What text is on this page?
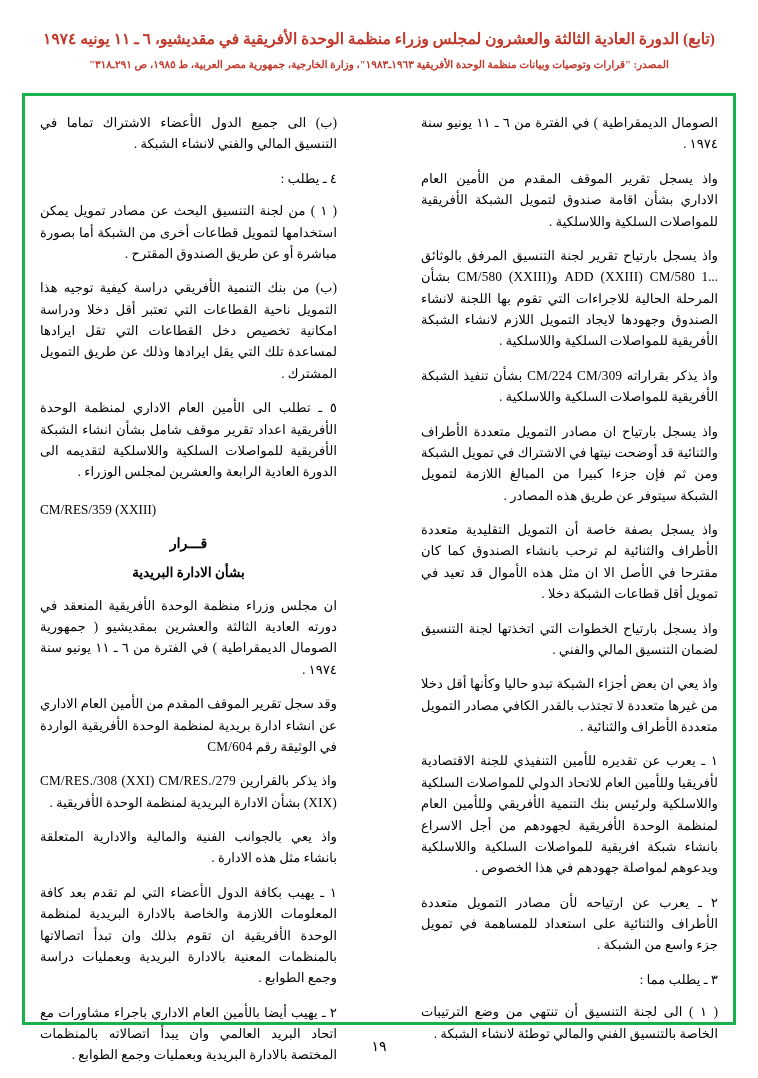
(تابع) الدورة العادية الثالثة والعشرون لمجلس وزراء منظمة الوحدة الأفريقية في مقديشيو، ٦ ـ ١١ يونيه ١٩٧٤
المصدر: "قرارات وتوصيات وبيانات منظمة الوحدة الأفريقية ١٩٦٣ـ١٩٨٣"، وزارة الخارجية، جمهورية مصر العربية، ط ١٩٨٥، ص ٢٩١ـ٣١٨"

الصومال الديمقراطية ) في الفترة من ٦ ـ ١١ يونيو سنة ١٩٧٤ .

واذ يسجل تقرير الموقف المقدم من الأمين العام الاداري بشأن اقامة صندوق لتمويل الشبكة الأفريقية للمواصلات السلكية واللاسلكية .

واذ يسجل بارتياح تقرير لجنة التنسيق المرفق بالوثائق ...1 ADD (XXIII) CM/580 وCM/580 (XXIII) بشأن المرحلة الحالية للاجراءات التي تقوم بها اللجنة لانشاء الصندوق وجهودها لايجاد التمويل اللازم لانشاء الشبكة الأفريقية للمواصلات السلكية واللاسلكية .

واذ يذكر بقراراته CM/224 CM/309 بشأن تنفيذ الشبكة الأفريقية للمواصلات السلكية واللاسلكية .

واذ يسجل بارتياح ان مصادر التمويل متعددة الأطراف والثنائية قد أوضحت نيتها في الاشتراك في تمويل الشبكة ومن ثم فإن جزءا كبيرا من المبالغ اللازمة لتمويل الشبكة سيتوفر عن طريق هذه المصادر .

واذ يسجل بصفة خاصة أن التمويل التقليدية متعددة الأطراف والثنائية لم ترحب بانشاء الصندوق كما كان مقترحا في الأصل الا ان مثل هذه الأموال قد تعيد في تمويل أقل قطاعات الشبكة دخلا .

واذ يسجل بارتياح الخطوات التي اتخذتها لجنة التنسيق لضمان التنسيق المالي والفني .

واذ يعي ان بعض أجزاء الشبكة تبدو حاليا وكأنها أقل دخلا من غيرها متعددة لا تجتذب بالقدر الكافي مصادر التمويل متعددة الأطراف والثنائية .

١ ـ يعرب عن تقديره للأمين التنفيذي للجنة الاقتصادية لأفريقيا وللأمين العام للاتحاد الدولي للمواصلات السلكية واللاسلكية ولرئيس بنك التنمية الأفريقي وللأمين العام لمنظمة الوحدة الأفريقية لجهودهم من أجل الاسراع بانشاء شبكة افريقية للمواصلات السلكية واللاسلكية ويدعوهم لمواصلة جهودهم في هذا الخصوص .

٢ ـ يعرب عن ارتياحه لأن مصادر التمويل متعددة الأطراف والثنائية على استعداد للمساهمة في تمويل جزء واسع من الشبكة .

٣ ـ يطلب مما :

( ١ ) الى لجنة التنسيق أن تنتهي من وضع الترتيبات الخاصة بالتنسيق الفني والمالي توطئة لانشاء الشبكة .

(ب) الى جميع الدول الأعضاء الاشتراك تماما في التنسيق المالي والفني لانشاء الشبكة .

٤ ـ يطلب :

( ١ ) من لجنة التنسيق البحث عن مصادر تمويل يمكن استخدامها لتمويل قطاعات أخرى من الشبكة أما بصورة مباشرة أو عن طريق الصندوق المقترح .

(ب) من بنك التنمية الأفريقي دراسة كيفية توجيه هذا التمويل ناحية القطاعات التي تعتبر أقل دخلا ودراسة امكانية تخصيص دخل القطاعات التي تقل ايرادها لمساعدة تلك التي يقل ايرادها وذلك عن طريق التمويل المشترك .

٥ ـ تطلب الى الأمين العام الاداري لمنظمة الوحدة الأفريقية اعداد تقرير موقف شامل بشأن انشاء الشبكة الأفريقية للمواصلات السلكية واللاسلكية لتقديمه الى الدورة العادية الرابعة والعشرين لمجلس الوزراء .

CM/RES/359 (XXIII)

قـــرار

بشأن الادارة البريدية

ان مجلس وزراء منظمة الوحدة الأفريقية المنعقد في دورته العادية الثالثة والعشرين بمقديشيو ( جمهورية الصومال الديمقراطية ) في الفترة من ٦ ـ ١١ يونيو سنة ١٩٧٤ .

وقد سجل تقرير الموقف المقدم من الأمين العام الاداري عن انشاء ادارة بريدية لمنظمة الوحدة الأفريقية الواردة في الوثيقة رقم CM/604

واذ يذكر بالقرارين CM/RES./308 (XXI) CM/RES./279 (XIX) بشأن الادارة البريدية لمنظمة الوحدة الأفريقية .

واذ يعي بالجوانب الفنية والمالية والادارية المتعلقة بانشاء مثل هذه الادارة .

١ ـ يهيب بكافة الدول الأعضاء التي لم تقدم بعد كافة المعلومات اللازمة والخاصة بالادارة البريدية لمنظمة الوحدة الأفريقية ان تقوم بذلك وان تبدأ اتصالاتها بالمنظمات المعنية بالادارة البريدية وبعمليات دراسة وجمع الطوابع .

٢ ـ يهيب أيضا بالأمين العام الاداري باجراء مشاورات مع اتحاد البريد العالمي وان يبدأ اتصالاته بالمنظمات المختصة بالادارة البريدية وبعمليات وجمع الطوابع .	١٩
